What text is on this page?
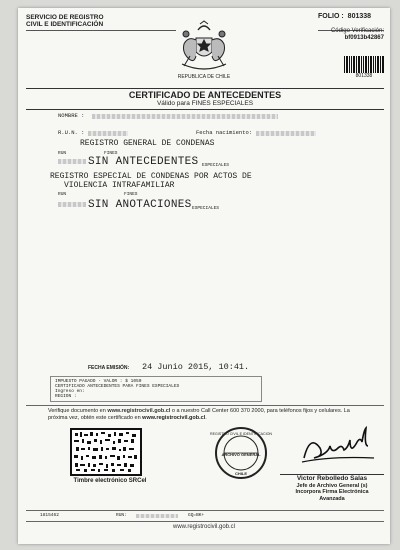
SERVICIO DE REGISTRO
CIVIL E IDENTIFICACIÓN
FOLIO : 801338
Código Verificación:
bf0913b42867
801338
REPUBLICA DE CHILE
CERTIFICADO DE ANTECEDENTES
Válido para FINES ESPECIALES
NOMBRE :
R.U.N. :	Fecha nacimiento:
REGISTRO GENERAL DE CONDENAS
RUN	FINES
SIN ANTECEDENTES ESPECIALES
REGISTRO ESPECIAL DE CONDENAS POR ACTOS DE
VIOLENCIA INTRAFAMILIAR
RUN	FINES
SIN ANOTACIONES ESPECIALES
FECHA EMISIÓN: 24 Junio 2015, 10:41.
IMPUESTO PAGADO - VALOR : $ 1050
CERTIFICADO ANTECEDENTES PARA FINES ESPECIALES
Ingreso en:
REGION :
Verifique documento en www.registrocivil.gob.cl o a nuestro Call Center 600 370 2000, para teléfonos fijos y celulares. La próxima vez, obtén este certificado en www.registrocivil.gob.cl.
Timbre electrónico SRCeI
ARCHIVO GENERAL
REGISTRO CIVIL E IDENTIFICACION
CHILE
Victor Rebolledo Salas
Jefe de Archivo General (s)
Incorpora Firma Electrónica
Avanzada
1815462	RUN:	GQ=BK+
www.registrocivil.gob.cl
